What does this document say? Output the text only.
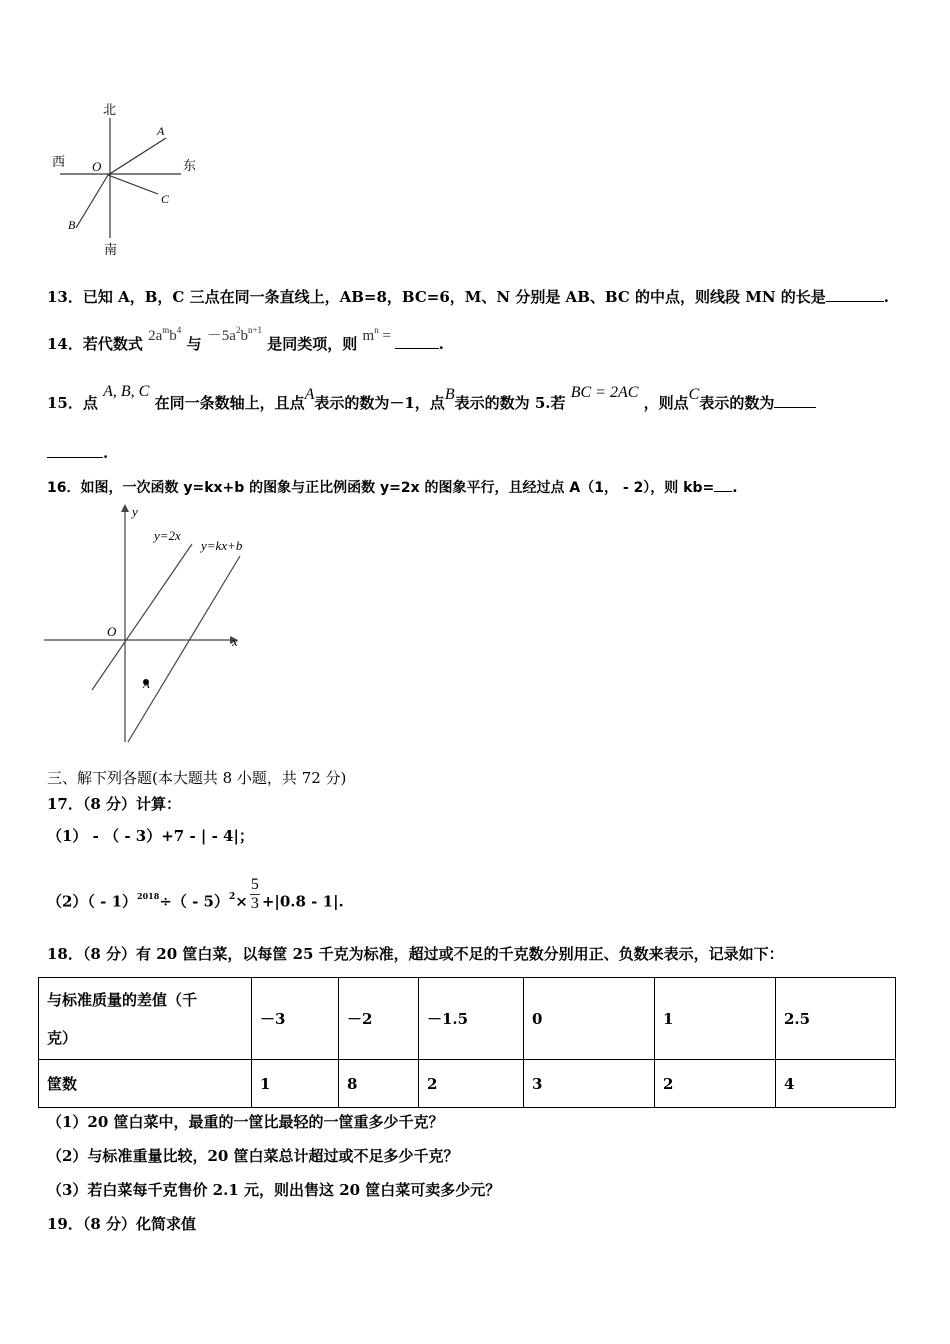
北
西	东
南
O
A
B
C
13．已知 A，B，C 三点在同一条直线上，AB=8，BC=6，M、N 分别是 AB、BC 的中点，则线段 MN 的长是	.
14．若代数式 $2a^mb^4$ 与 $-5a^2b^{n+1}$ 是同类项，则 $m^n$ =	.
15．点 A, B, C 在同一条数轴上，且点A表示的数为－1，点B表示的数为 5.若 BC = 2AC ，则点C表示的数为
.
16．如图，一次函数 y=kx+b 的图象与正比例函数 y=2x 的图象平行，且经过点 A（1， - 2），则 kb= .
y
x
O
y=2x
y=kx+b
A
三、解下列各题(本大题共 8 小题，共 72 分)
17．（8 分）计算：
（1） - （ - 3）+7 - | - 4|；
$(2)( - 1)^{2018}\div( - 5)^2\times \frac{5}{3} +|0.8 - 1|$.
18．（8 分）有 20 筐白菜，以每筐 25 千克为标准，超过或不足的千克数分别用正、负数来表示，记录如下：
与标准质量的差值（千
克）	－3	－2	－1.5	0	1	2.5
筐数	1	8	2	3	2	4
（1）20 筐白菜中，最重的一筐比最轻的一筐重多少千克？
（2）与标准重量比较，20 筐白菜总计超过或不足多少千克？
（3）若白菜每千克售价 2.1 元，则出售这 20 筐白菜可卖多少元？
19．（8 分）化简求值
